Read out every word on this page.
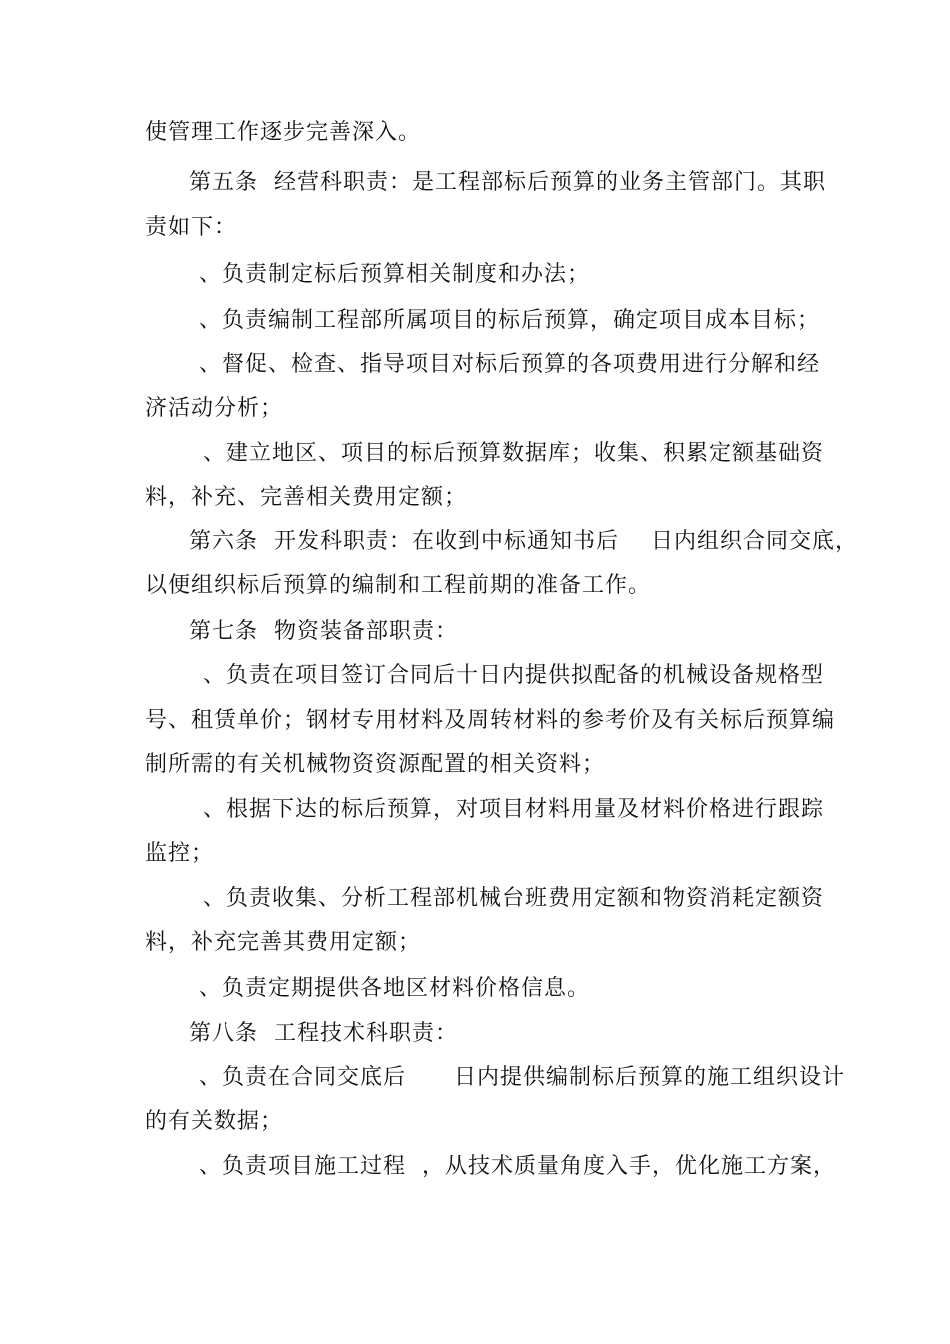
使管理工作逐步完善深入。
第五条  经营科职责：是工程部标后预算的业务主管部门。其职
责如下：
、负责制定标后预算相关制度和办法；
、负责编制工程部所属项目的标后预算，确定项目成本目标；
、督促、检查、指导项目对标后预算的各项费用进行分解和经
济活动分析；
、建立地区、项目的标后预算数据库；收集、积累定额基础资
料，补充、完善相关费用定额；
第六条  开发科职责：在收到中标通知书后    日内组织合同交底，
以便组织标后预算的编制和工程前期的准备工作。
第七条  物资装备部职责：
、负责在项目签订合同后十日内提供拟配备的机械设备规格型
号、租赁单价；钢材专用材料及周转材料的参考价及有关标后预算编
制所需的有关机械物资资源配置的相关资料；
、根据下达的标后预算，对项目材料用量及材料价格进行跟踪
监控；
、负责收集、分析工程部机械台班费用定额和物资消耗定额资
料，补充完善其费用定额；
、负责定期提供各地区材料价格信息。
第八条  工程技术科职责：
、负责在合同交底后      日内提供编制标后预算的施工组织设计
的有关数据；
、负责项目施工过程  ，从技术质量角度入手，优化施工方案，
